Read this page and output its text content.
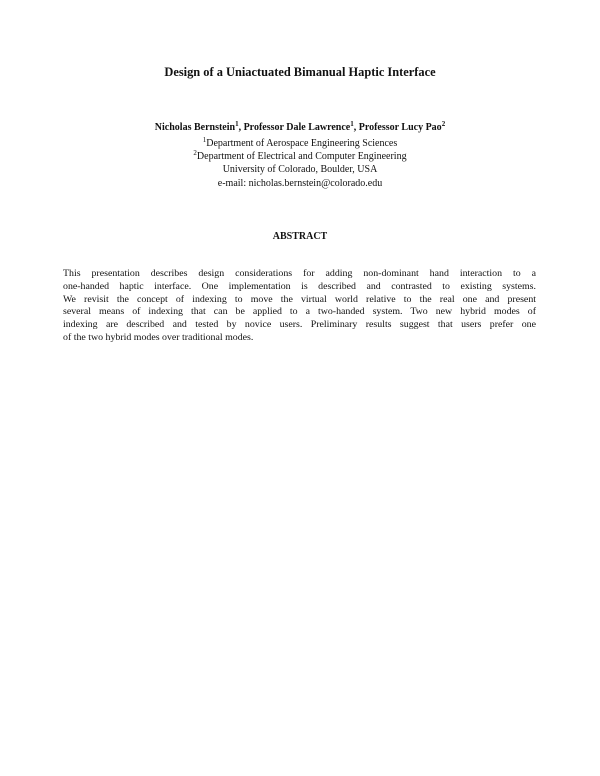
Design of a Uniactuated Bimanual Haptic Interface
Nicholas Bernstein$^1$, Professor Dale Lawrence$^1$, Professor Lucy Pao$^2$
$^1$Department of Aerospace Engineering Sciences
$^2$Department of Electrical and Computer Engineering
University of Colorado, Boulder, USA
e-mail: nicholas.bernstein@colorado.edu
ABSTRACT
This presentation describes design considerations for adding non-dominant hand interaction to a
one-handed haptic interface. One implementation is described and contrasted to existing systems.
We revisit the concept of indexing to move the virtual world relative to the real one and present
several means of indexing that can be applied to a two-handed system. Two new hybrid modes of
indexing are described and tested by novice users. Preliminary results suggest that users prefer one
of the two hybrid modes over traditional modes.
